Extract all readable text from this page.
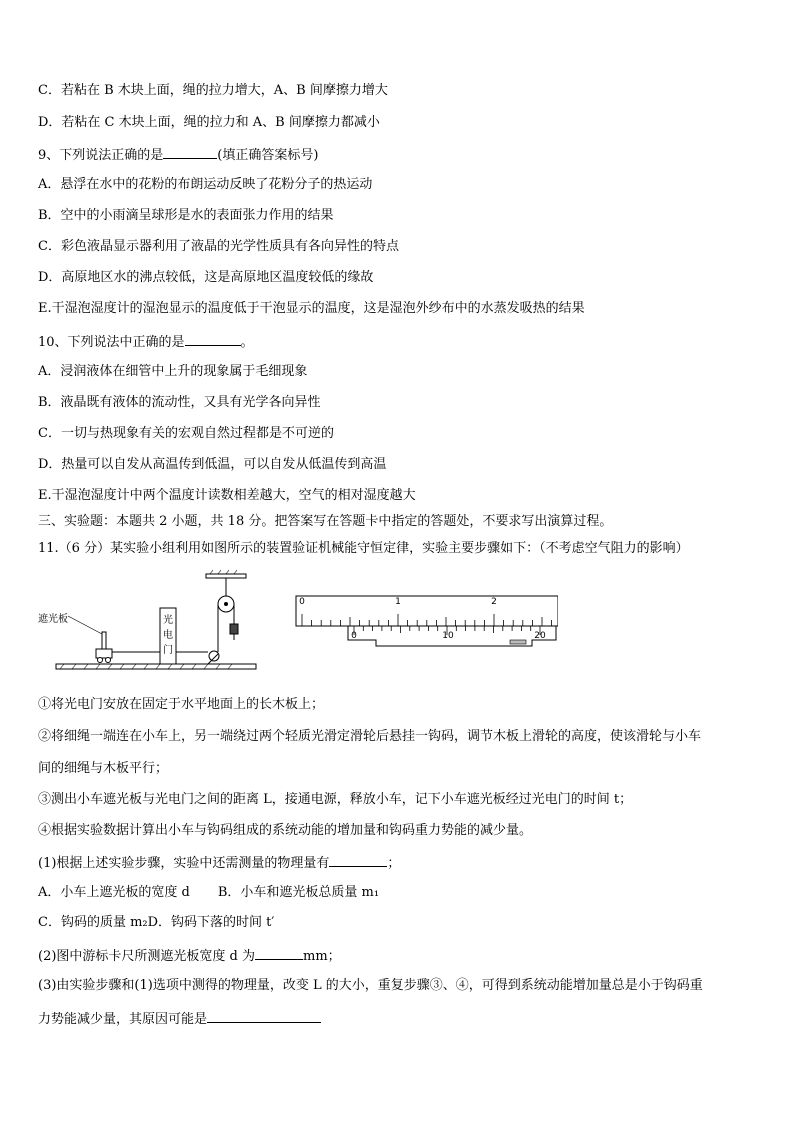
C．若粘在 B 木块上面，绳的拉力增大，A、B 间摩擦力增大
D．若粘在 C 木块上面，绳的拉力和 A、B 间摩擦力都减小
9、下列说法正确的是	(填正确答案标号)
A．悬浮在水中的花粉的布朗运动反映了花粉分子的热运动
B．空中的小雨滴呈球形是水的表面张力作用的结果
C．彩色液晶显示器利用了液晶的光学性质具有各向异性的特点
D．高原地区水的沸点较低，这是高原地区温度较低的缘故
E.干湿泡湿度计的湿泡显示的温度低于干泡显示的温度，这是湿泡外纱布中的水蒸发吸热的结果
10、下列说法中正确的是	。
A．浸润液体在细管中上升的现象属于毛细现象
B．液晶既有液体的流动性，又具有光学各向异性
C．一切与热现象有关的宏观自然过程都是不可逆的
D．热量可以自发从高温传到低温，可以自发从低温传到高温
E.干湿泡湿度计中两个温度计读数相差越大，空气的相对湿度越大
三、实验题：本题共 2 小题，共 18 分。把答案写在答题卡中指定的答题处，不要求写出演算过程。
11.（6 分）某实验小组利用如图所示的装置验证机械能守恒定律，实验主要步骤如下：（不考虑空气阻力的影响）
遮光板	光
电
门
0	1	2
0	10	20
①将光电门安放在固定于水平地面上的长木板上；
②将细绳一端连在小车上，另一端绕过两个轻质光滑定滑轮后悬挂一钩码，调节木板上滑轮的高度，使该滑轮与小车
间的细绳与木板平行；
③测出小车遮光板与光电门之间的距离 L，接通电源，释放小车，记下小车遮光板经过光电门的时间 t；
④根据实验数据计算出小车与钩码组成的系统动能的增加量和钩码重力势能的减少量。
(1)根据上述实验步骤，实验中还需测量的物理量有	；
A．小车上遮光板的宽度 d B．小车和遮光板总质量 m₁
C．钩码的质量 m₂D．钩码下落的时间 t′
(2)图中游标卡尺所测遮光板宽度 d 为	mm；
(3)由实验步骤和(1)选项中测得的物理量，改变 L 的大小，重复步骤③、④，可得到系统动能增加量总是小于钩码重
力势能减少量，其原因可能是
